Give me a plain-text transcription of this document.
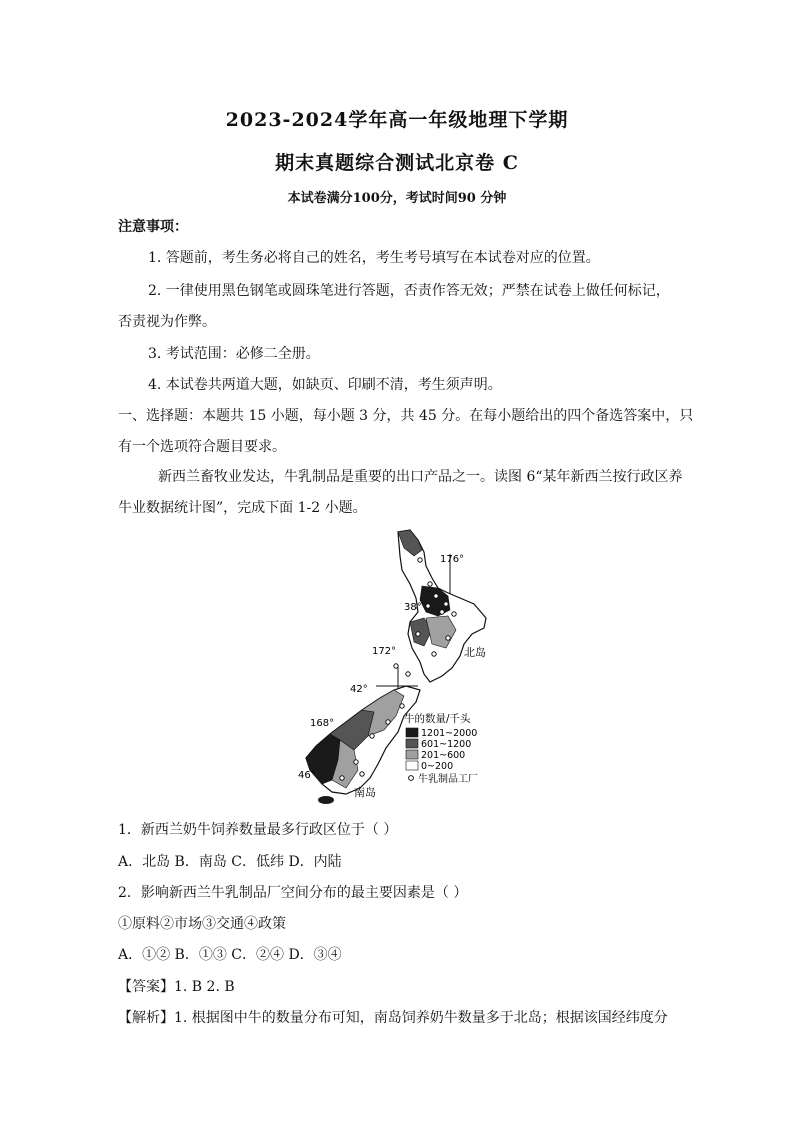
2023-2024学年高一年级地理下学期
期末真题综合测试北京卷 C
本试卷满分100分，考试时间90 分钟
注意事项：
1. 答题前，考生务必将自己的姓名，考生考号填写在本试卷对应的位置。
2. 一律使用黑色钢笔或圆珠笔进行答题，否责作答无效；严禁在试卷上做任何标记，
否责视为作弊。
3. 考试范围：必修二全册。
4. 本试卷共两道大题，如缺页、印刷不清，考生须声明。
一、选择题：本题共 15 小题，每小题 3 分，共 45 分。在每小题给出的四个备选答案中，只
有一个选项符合题目要求。
新西兰畜牧业发达，牛乳制品是重要的出口产品之一。读图 6“某年新西兰按行政区养
牛业数据统计图”，完成下面 1-2 小题。
176°
38°
172°
42°
168°
46°
北岛
南岛
牛的数量/千头
1201~2000
601~1200
201~600
0~200
牛乳制品工厂
1．新西兰奶牛饲养数量最多行政区位于（ ）
A．北岛 B．南岛 C．低纬 D．内陆
2．影响新西兰牛乳制品厂空间分布的最主要因素是（ ）
①原料②市场③交通④政策
A．①② B．①③ C．②④ D．③④
【答案】1. B 2. B
【解析】1. 根据图中牛的数量分布可知，南岛饲养奶牛数量多于北岛；根据该国经纬度分
